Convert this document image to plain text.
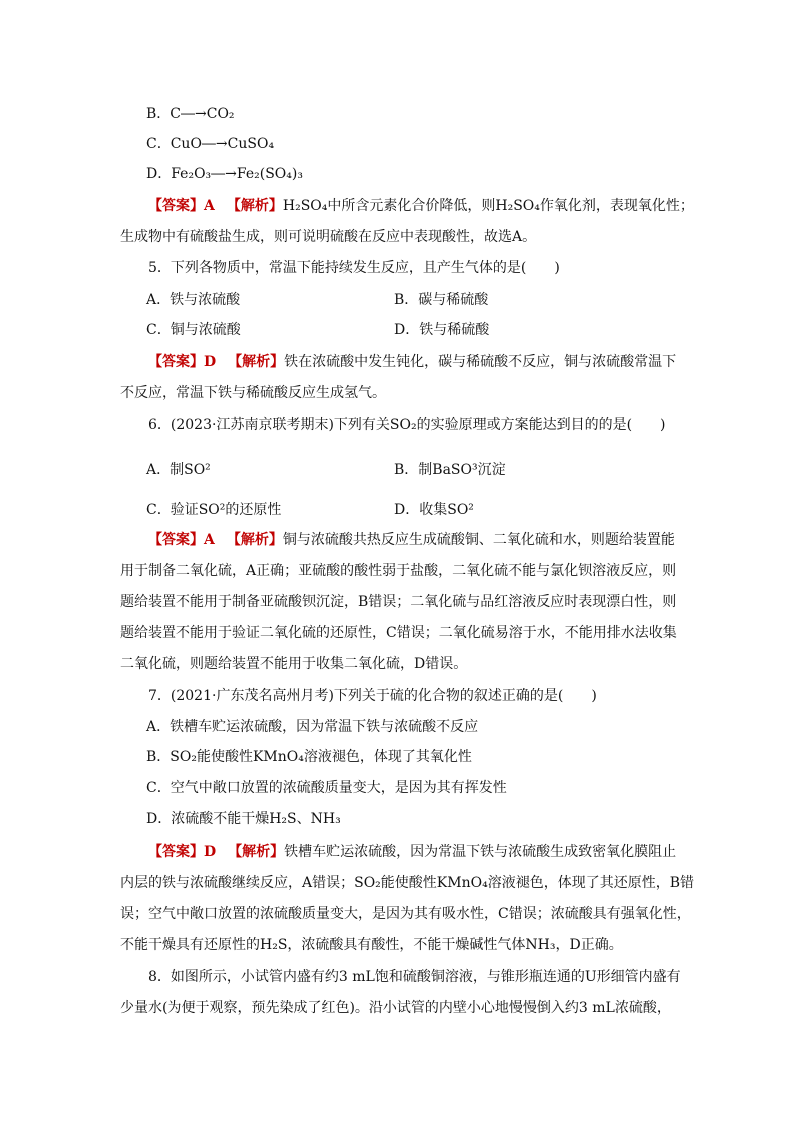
B．C―→CO₂
C．CuO―→CuSO₄
D．Fe₂O₃―→Fe₂(SO₄)₃
【答案】A 【解析】H₂SO₄中所含元素化合价降低，则H₂SO₄作氧化剂，表现氧化性；
生成物中有硫酸盐生成，则可说明硫酸在反应中表现酸性，故选A。
5．下列各物质中，常温下能持续发生反应，且产生气体的是(　　)
A．铁与浓硫酸	B．碳与稀硫酸
C．铜与浓硫酸	D．铁与稀硫酸
【答案】D 【解析】铁在浓硫酸中发生钝化，碳与稀硫酸不反应，铜与浓硫酸常温下
不反应，常温下铁与稀硫酸反应生成氢气。
6．(2023·江苏南京联考期末)下列有关SO₂的实验原理或方案能达到目的的是(　　)
A．制SO²	B．制BaSO³沉淀
C．验证SO²的还原性	D．收集SO²
【答案】A 【解析】铜与浓硫酸共热反应生成硫酸铜、二氧化硫和水，则题给装置能
用于制备二氧化硫，A正确；亚硫酸的酸性弱于盐酸，二氧化硫不能与氯化钡溶液反应，则
题给装置不能用于制备亚硫酸钡沉淀，B错误；二氧化硫与品红溶液反应时表现漂白性，则
题给装置不能用于验证二氧化硫的还原性，C错误；二氧化硫易溶于水，不能用排水法收集
二氧化硫，则题给装置不能用于收集二氧化硫，D错误。
7．(2021·广东茂名高州月考)下列关于硫的化合物的叙述正确的是(　　)
A．铁槽车贮运浓硫酸，因为常温下铁与浓硫酸不反应
B．SO₂能使酸性KMnO₄溶液褪色，体现了其氧化性
C．空气中敞口放置的浓硫酸质量变大，是因为其有挥发性
D．浓硫酸不能干燥H₂S、NH₃
【答案】D 【解析】铁槽车贮运浓硫酸，因为常温下铁与浓硫酸生成致密氧化膜阻止
内层的铁与浓硫酸继续反应，A错误；SO₂能使酸性KMnO₄溶液褪色，体现了其还原性，B错
误；空气中敞口放置的浓硫酸质量变大，是因为其有吸水性，C错误；浓硫酸具有强氧化性，
不能干燥具有还原性的H₂S，浓硫酸具有酸性，不能干燥碱性气体NH₃，D正确。
8．如图所示，小试管内盛有约3 mL饱和硫酸铜溶液，与锥形瓶连通的U形细管内盛有
少量水(为便于观察，预先染成了红色)。沿小试管的内壁小心地慢慢倒入约3 mL浓硫酸，
